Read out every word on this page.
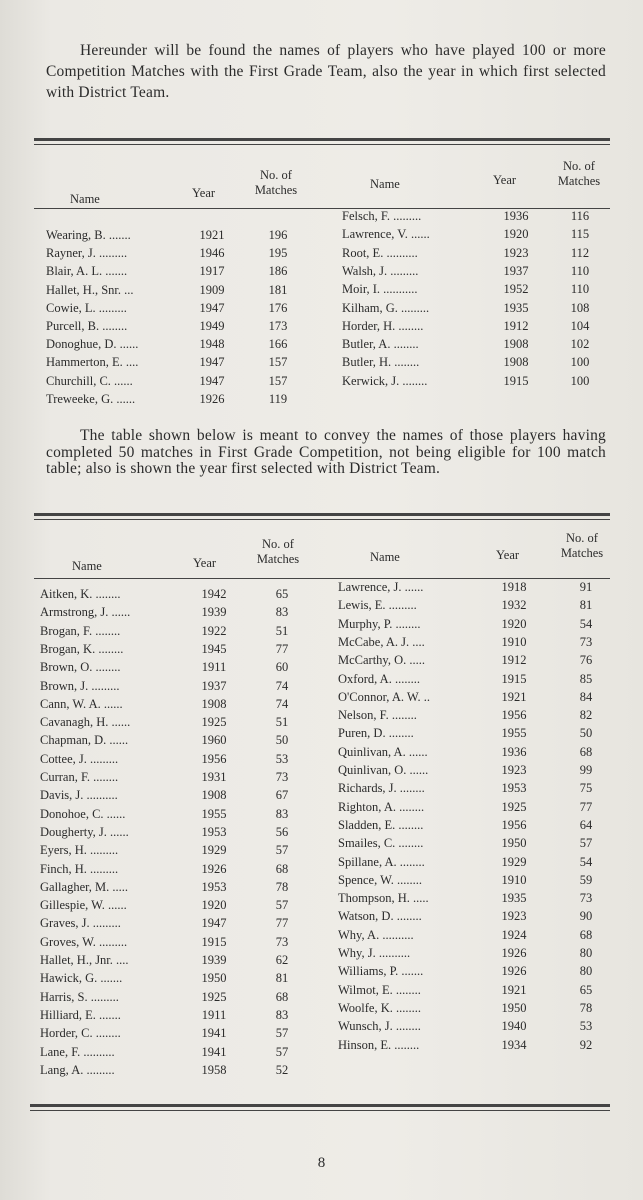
Hereunder will be found the names of players who have played 100 or more Competition Matches with the First Grade Team, also the year in which first selected with District Team.

Name	Year
No. of
Matches	Name	Year
No. of
Matches
Wearing, B. .......	1921	196
Rayner, J. .........	1946	195
Blair, A. L. .......	1917	186
Hallet, H., Snr. ...	1909	181
Cowie, L. .........	1947	176
Purcell, B. ........	1949	173
Donoghue, D. ......	1948	166
Hammerton, E. ....	1947	157
Churchill, C. ......	1947	157
Treweeke, G. ......	1926	119
Felsch, F. .........	1936	116
Lawrence, V. ......	1920	115
Root, E. ..........	1923	112
Walsh, J. .........	1937	110
Moir, I. ...........	1952	110
Kilham, G. .........	1935	108
Horder, H. ........	1912	104
Butler, A. ........	1908	102
Butler, H. ........	1908	100
Kerwick, J. ........	1915	100

The table shown below is meant to convey the names of those players having completed 50 matches in First Grade Competition, not being eligible for 100 match table; also is shown the year first selected with District Team.

Name	Year
No. of
Matches	Name	Year
No. of
Matches
Aitken, K. ........	1942	65
Armstrong, J. ......	1939	83
Brogan, F. ........	1922	51
Brogan, K. ........	1945	77
Brown, O. ........	1911	60
Brown, J. .........	1937	74
Cann, W. A. ......	1908	74
Cavanagh, H. ......	1925	51
Chapman, D. ......	1960	50
Cottee, J. .........	1956	53
Curran, F. ........	1931	73
Davis, J. ..........	1908	67
Donohoe, C. ......	1955	83
Dougherty, J. ......	1953	56
Eyers, H. .........	1929	57
Finch, H. .........	1926	68
Gallagher, M. .....	1953	78
Gillespie, W. ......	1920	57
Graves, J. .........	1947	77
Groves, W. .........	1915	73
Hallet, H., Jnr. ....	1939	62
Hawick, G. .......	1950	81
Harris, S. .........	1925	68
Hilliard, E. .......	1911	83
Horder, C. ........	1941	57
Lane, F. ..........	1941	57
Lang, A. .........	1958	52
Lawrence, J. ......	1918	91
Lewis, E. .........	1932	81
Murphy, P. ........	1920	54
McCabe, A. J. ....	1910	73
McCarthy, O. .....	1912	76
Oxford, A. ........	1915	85
O'Connor, A. W. ..	1921	84
Nelson, F. ........	1956	82
Puren, D. ........	1955	50
Quinlivan, A. ......	1936	68
Quinlivan, O. ......	1923	99
Richards, J. ........	1953	75
Righton, A. ........	1925	77
Sladden, E. ........	1956	64
Smailes, C. ........	1950	57
Spillane, A. ........	1929	54
Spence, W. ........	1910	59
Thompson, H. .....	1935	73
Watson, D. ........	1923	90
Why, A. ..........	1924	68
Why, J. ..........	1926	80
Williams, P. .......	1926	80
Wilmot, E. ........	1921	65
Woolfe, K. ........	1950	78
Wunsch, J. ........	1940	53
Hinson, E. ........	1934	92
8
